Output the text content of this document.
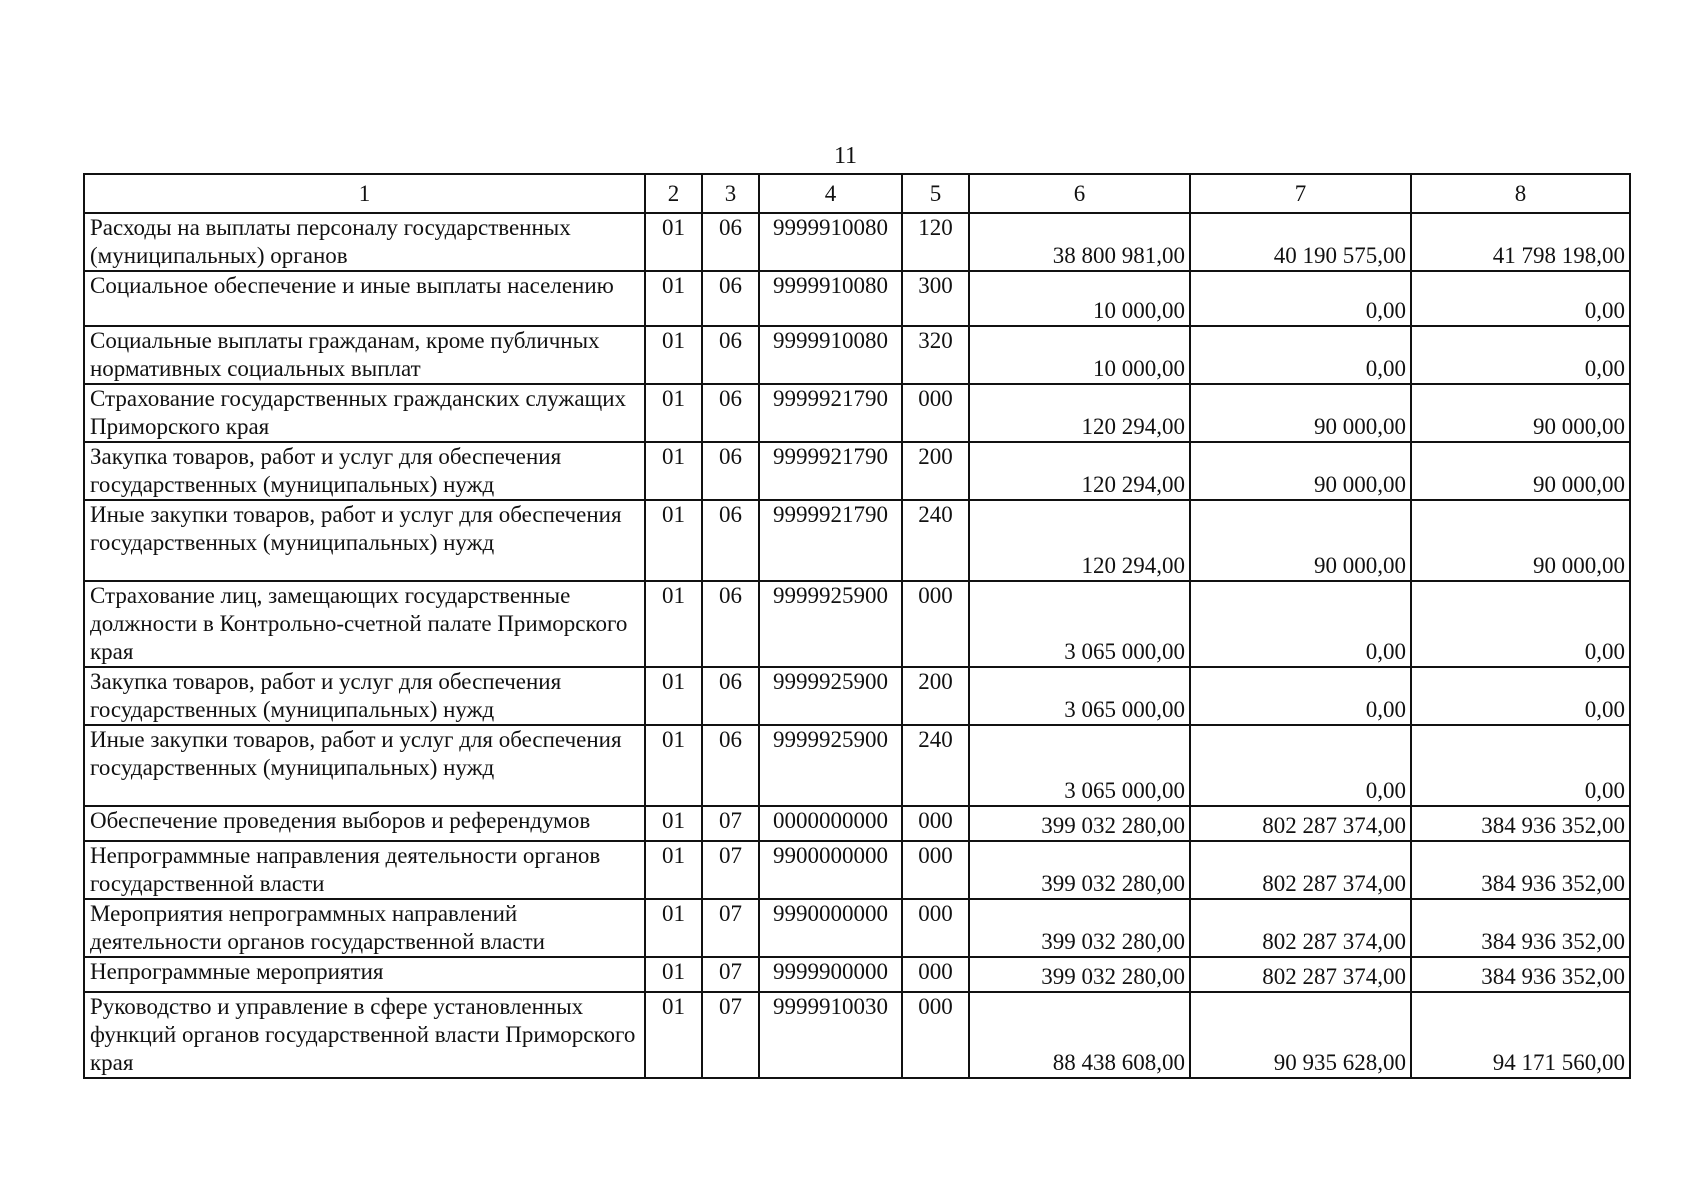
11
1	2	3	4	5	6	7	8
Расходы на выплаты персоналу государственных (муниципальных) органов	01	06	9999910080	120	38 800 981,00	40 190 575,00	41 798 198,00
Социальное обеспечение и иные выплаты населению	01	06	9999910080	300	10 000,00	0,00	0,00
Социальные выплаты гражданам, кроме публичных нормативных социальных выплат	01	06	9999910080	320	10 000,00	0,00	0,00
Страхование государственных гражданских служащих Приморского края	01	06	9999921790	000	120 294,00	90 000,00	90 000,00
Закупка товаров, работ и услуг для обеспечения государственных (муниципальных) нужд	01	06	9999921790	200	120 294,00	90 000,00	90 000,00
Иные закупки товаров, работ и услуг для обеспечения государственных (муниципальных) нужд	01	06	9999921790	240	120 294,00	90 000,00	90 000,00
Страхование лиц, замещающих государственные должности в Контрольно-счетной палате Приморского края	01	06	9999925900	000	3 065 000,00	0,00	0,00
Закупка товаров, работ и услуг для обеспечения государственных (муниципальных) нужд	01	06	9999925900	200	3 065 000,00	0,00	0,00
Иные закупки товаров, работ и услуг для обеспечения государственных (муниципальных) нужд	01	06	9999925900	240	3 065 000,00	0,00	0,00
Обеспечение проведения выборов и референдумов	01	07	0000000000	000	399 032 280,00	802 287 374,00	384 936 352,00
Непрограммные направления деятельности органов государственной власти	01	07	9900000000	000	399 032 280,00	802 287 374,00	384 936 352,00
Мероприятия непрограммных направлений деятельности органов государственной власти	01	07	9990000000	000	399 032 280,00	802 287 374,00	384 936 352,00
Непрограммные мероприятия	01	07	9999900000	000	399 032 280,00	802 287 374,00	384 936 352,00
Руководство и управление в сфере установленных функций органов государственной власти Приморского края	01	07	9999910030	000	88 438 608,00	90 935 628,00	94 171 560,00
